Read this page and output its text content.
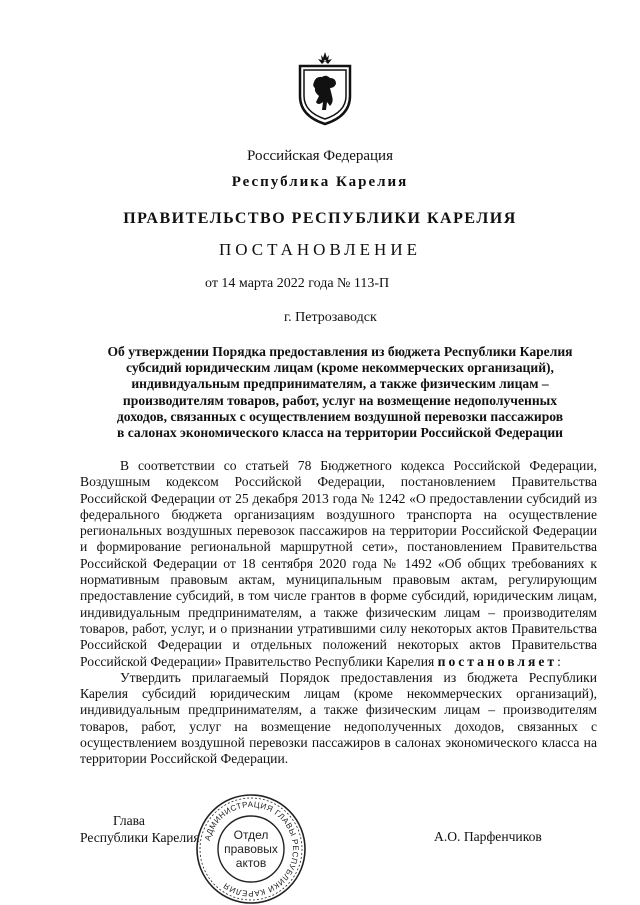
Российская Федерация
Республика Карелия
ПРАВИТЕЛЬСТВО РЕСПУБЛИКИ КАРЕЛИЯ
ПОСТАНОВЛЕНИЕ
от 14 марта 2022 года № 113-П
г. Петрозаводск
Об утверждении Порядка предоставления из бюджета Республики Карелия
субсидий юридическим лицам (кроме некоммерческих организаций),
индивидуальным предпринимателям, а также физическим лицам –
производителям товаров, работ, услуг на возмещение недополученных
доходов, связанных с осуществлением воздушной перевозки пассажиров
в салонах экономического класса на территории Российской Федерации

В соответствии со статьей 78 Бюджетного кодекса Российской Федерации, Воздушным кодексом Российской Федерации, постановлением Правительства Российской Федерации от 25 декабря 2013 года № 1242 «О предоставлении субсидий из федерального бюджета организациям воздушного транспорта на осуществление региональных воздушных перевозок пассажиров на территории Российской Федерации и формирование региональной маршрутной сети», постановлением Правительства Российской Федерации от 18 сентября 2020 года № 1492 «Об общих требованиях к нормативным правовым актам, муниципальным правовым актам, регулирующим предоставление субсидий, в том числе грантов в форме субсидий, юридическим лицам, индивидуальным предпринимателям, а также физическим лицам – производителям товаров, работ, услуг, и о признании утратившими силу некоторых актов Правительства Российской Федерации и отдельных положений некоторых актов Правительства Российской Федерации» Правительство Республики Карелия постановляет:

Утвердить прилагаемый Порядок предоставления из бюджета Республики Карелия субсидий юридическим лицам (кроме некоммерческих организаций), индивидуальным предпринимателям, а также физическим лицам – производителям товаров, работ, услуг на возмещение недополученных доходов, связанных с осуществлением воздушной перевозки пассажиров в салонах экономического класса на территории Российской Федерации.

Глава
Республики Карелия	А.О. Парфенчиков
АДМИНИСТРАЦИЯ ГЛАВЫ РЕСПУБЛИКИ КАРЕЛИЯ
Отдел
правовых
актов
